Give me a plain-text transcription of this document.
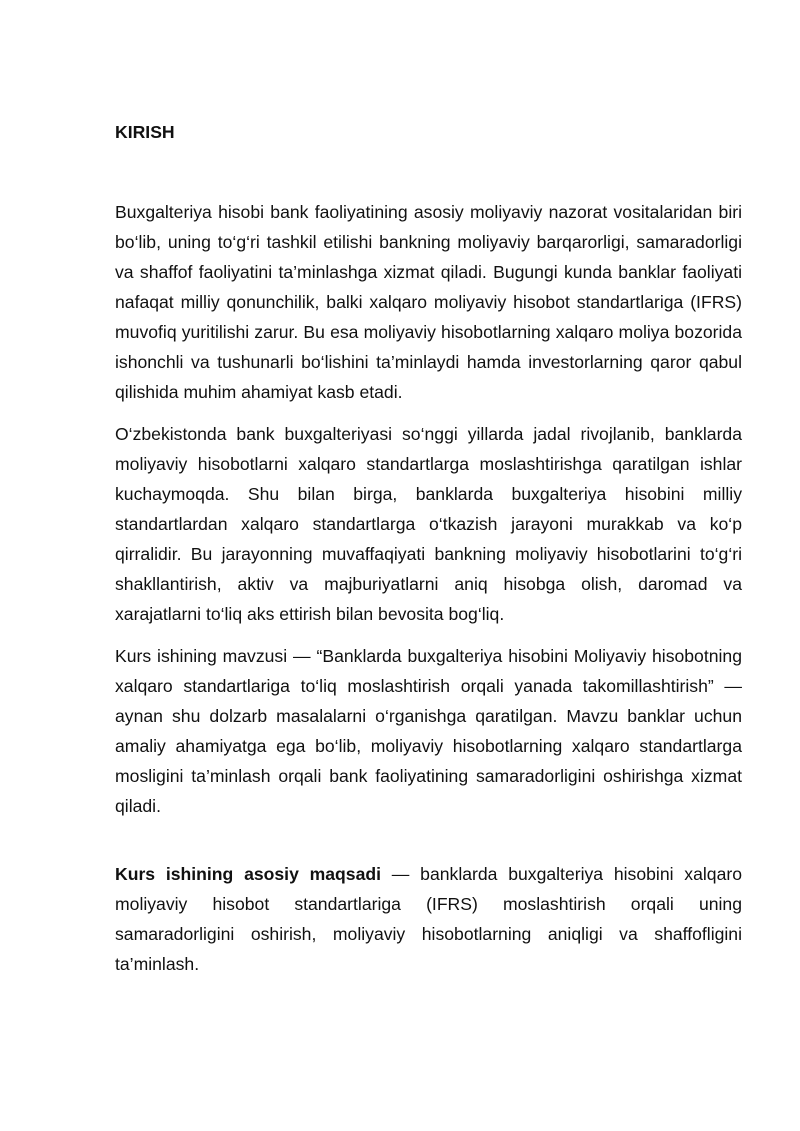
KIRISH

Buxgalteriya hisobi bank faoliyatining asosiy moliyaviy nazorat vositalaridan biri bo‘lib, uning to‘g‘ri tashkil etilishi bankning moliyaviy barqarorligi, samaradorligi va shaffof faoliyatini ta’minlashga xizmat qiladi. Bugungi kunda banklar faoliyati nafaqat milliy qonunchilik, balki xalqaro moliyaviy hisobot standartlariga (IFRS) muvofiq yuritilishi zarur. Bu esa moliyaviy hisobotlarning xalqaro moliya bozorida ishonchli va tushunarli bo‘lishini ta’minlaydi hamda investorlarning qaror qabul qilishida muhim ahamiyat kasb etadi.

O‘zbekistonda bank buxgalteriyasi so‘nggi yillarda jadal rivojlanib, banklarda moliyaviy hisobotlarni xalqaro standartlarga moslashtirishga qaratilgan ishlar kuchaymoqda. Shu bilan birga, banklarda buxgalteriya hisobini milliy standartlardan xalqaro standartlarga o‘tkazish jarayoni murakkab va ko‘p qirralidir. Bu jarayonning muvaffaqiyati bankning moliyaviy hisobotlarini to‘g‘ri shakllantirish, aktiv va majburiyatlarni aniq hisobga olish, daromad va xarajatlarni to‘liq aks ettirish bilan bevosita bog‘liq.

Kurs ishining mavzusi — “Banklarda buxgalteriya hisobini Moliyaviy hisobotning xalqaro standartlariga to‘liq moslashtirish orqali yanada takomillashtirish” — aynan shu dolzarb masalalarni o‘rganishga qaratilgan. Mavzu banklar uchun amaliy ahamiyatga ega bo‘lib, moliyaviy hisobotlarning xalqaro standartlarga mosligini ta’minlash orqali bank faoliyatining samaradorligini oshirishga xizmat qiladi.

Kurs ishining asosiy maqsadi — banklarda buxgalteriya hisobini xalqaro moliyaviy hisobot standartlariga (IFRS) moslashtirish orqali uning samaradorligini oshirish, moliyaviy hisobotlarning aniqligi va shaffofligini ta’minlash.
